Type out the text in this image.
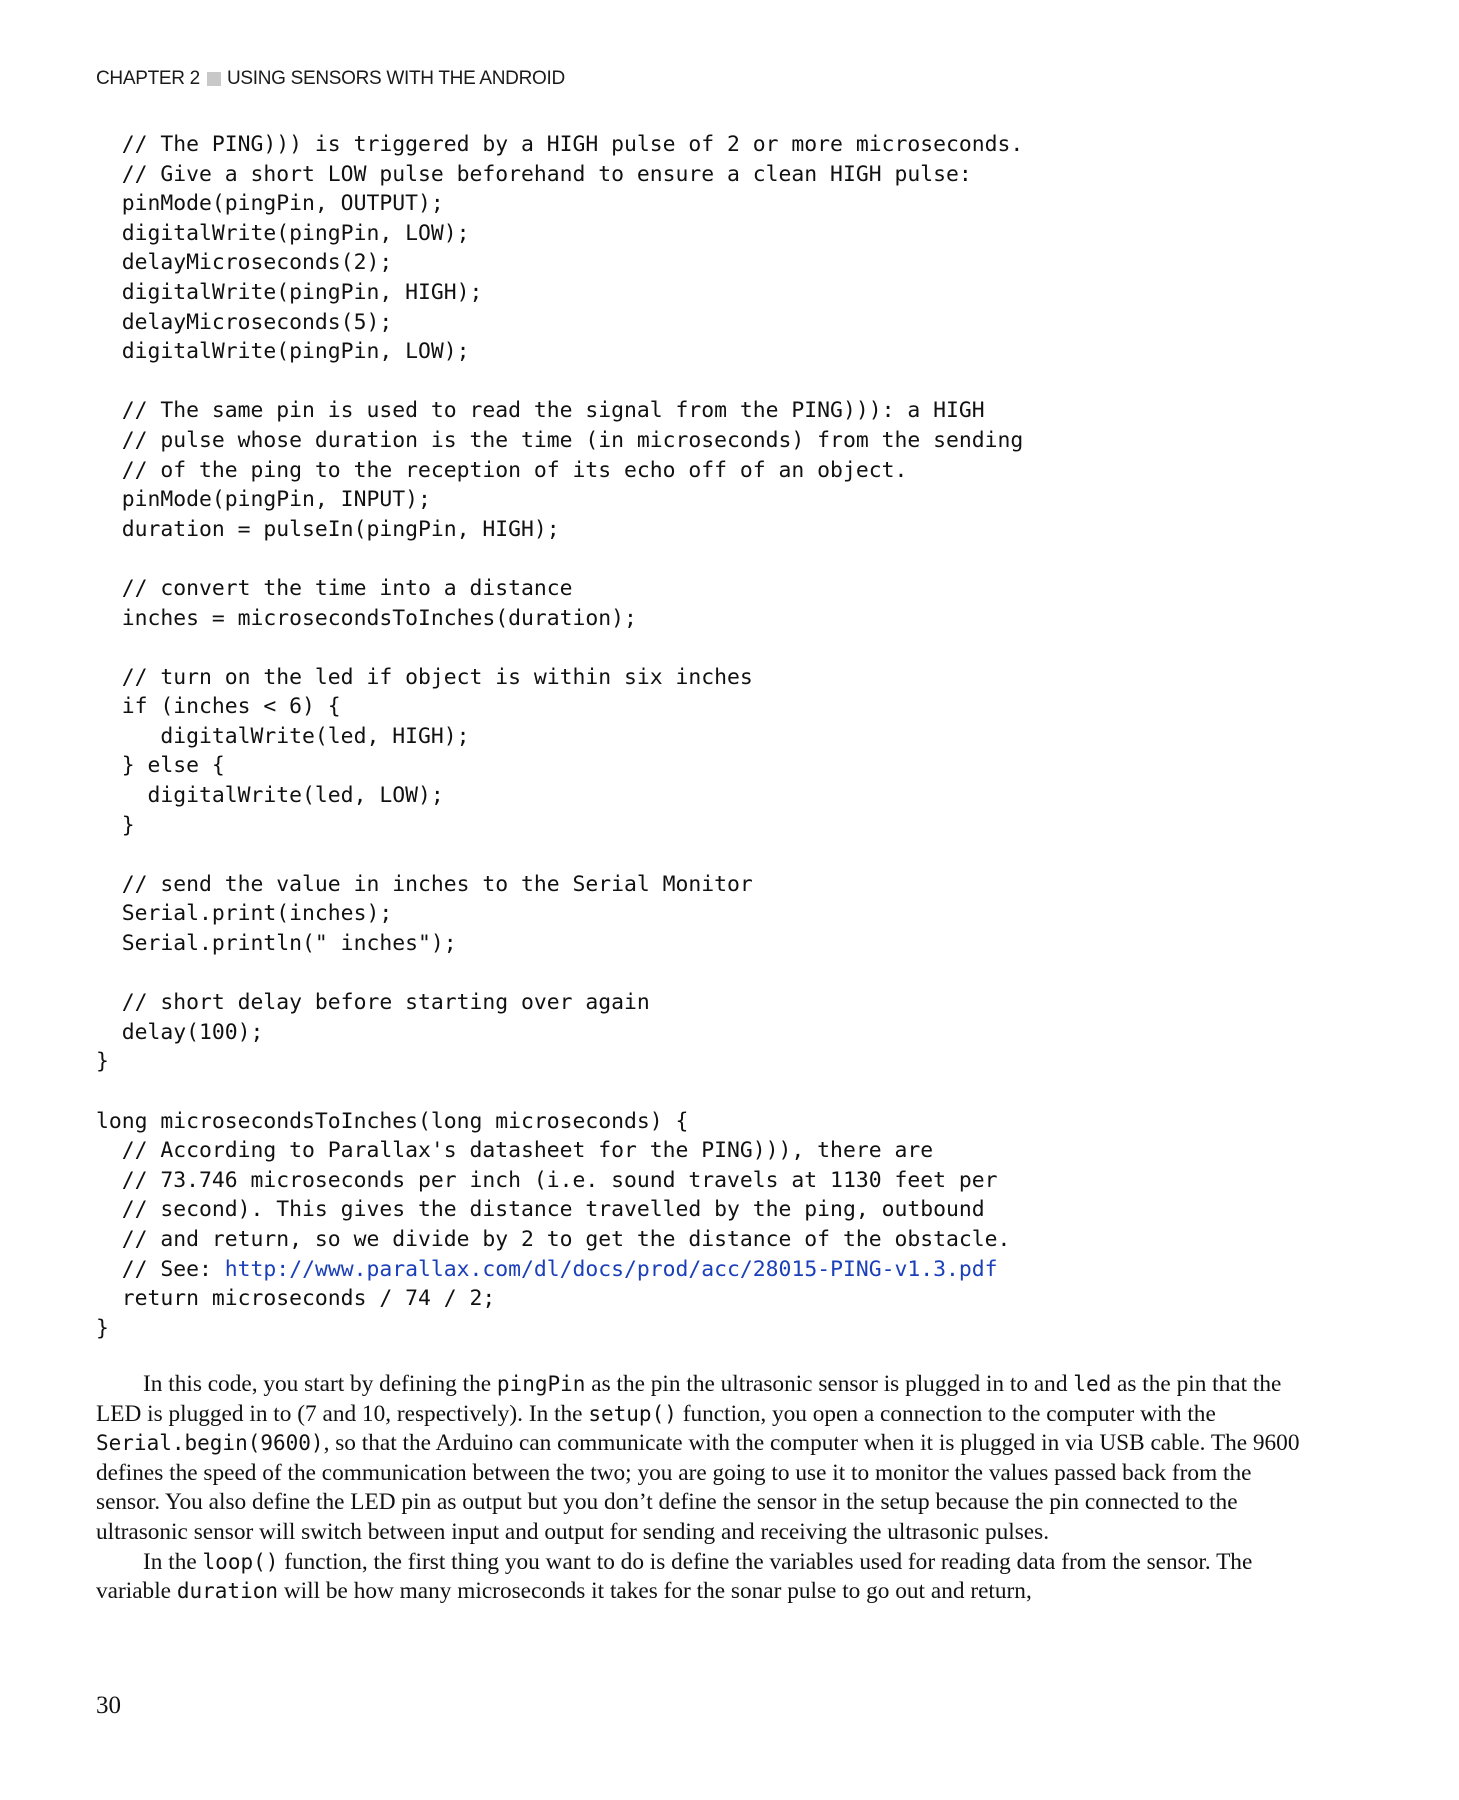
CHAPTER 2 USING SENSORS WITH THE ANDROID
// The PING))) is triggered by a HIGH pulse of 2 or more microseconds.
// Give a short LOW pulse beforehand to ensure a clean HIGH pulse:
pinMode(pingPin, OUTPUT);
digitalWrite(pingPin, LOW);
delayMicroseconds(2);
digitalWrite(pingPin, HIGH);
delayMicroseconds(5);
digitalWrite(pingPin, LOW);

// The same pin is used to read the signal from the PING))): a HIGH
// pulse whose duration is the time (in microseconds) from the sending
// of the ping to the reception of its echo off of an object.
pinMode(pingPin, INPUT);
duration = pulseIn(pingPin, HIGH);

// convert the time into a distance
inches = microsecondsToInches(duration);

// turn on the led if object is within six inches
if (inches < 6) {
digitalWrite(led, HIGH);
} else {
digitalWrite(led, LOW);
}

// send the value in inches to the Serial Monitor
Serial.print(inches);
Serial.println(" inches");

// short delay before starting over again
delay(100);
}

long microsecondsToInches(long microseconds) {
// According to Parallax's datasheet for the PING))), there are
// 73.746 microseconds per inch (i.e. sound travels at 1130 feet per
// second). This gives the distance travelled by the ping, outbound
// and return, so we divide by 2 to get the distance of the obstacle.
// See: http://www.parallax.com/dl/docs/prod/acc/28015-PING-v1.3.pdf
return microseconds / 74 / 2;
}

In this code, you start by defining the pingPin as the pin the ultrasonic sensor is plugged in to and led as the pin that the LED is plugged in to (7 and 10, respectively). In the setup() function, you open a connection to the computer with the Serial.begin(9600), so that the Arduino can communicate with the computer when it is plugged in via USB cable. The 9600 defines the speed of the communication between the two; you are going to use it to monitor the values passed back from the sensor. You also define the LED pin as output but you don’t define the sensor in the setup because the pin connected to the ultrasonic sensor will switch between input and output for sending and receiving the ultrasonic pulses.

In the loop() function, the first thing you want to do is define the variables used for reading data from the sensor. The variable duration will be how many microseconds it takes for the sonar pulse to go out and return,

30
